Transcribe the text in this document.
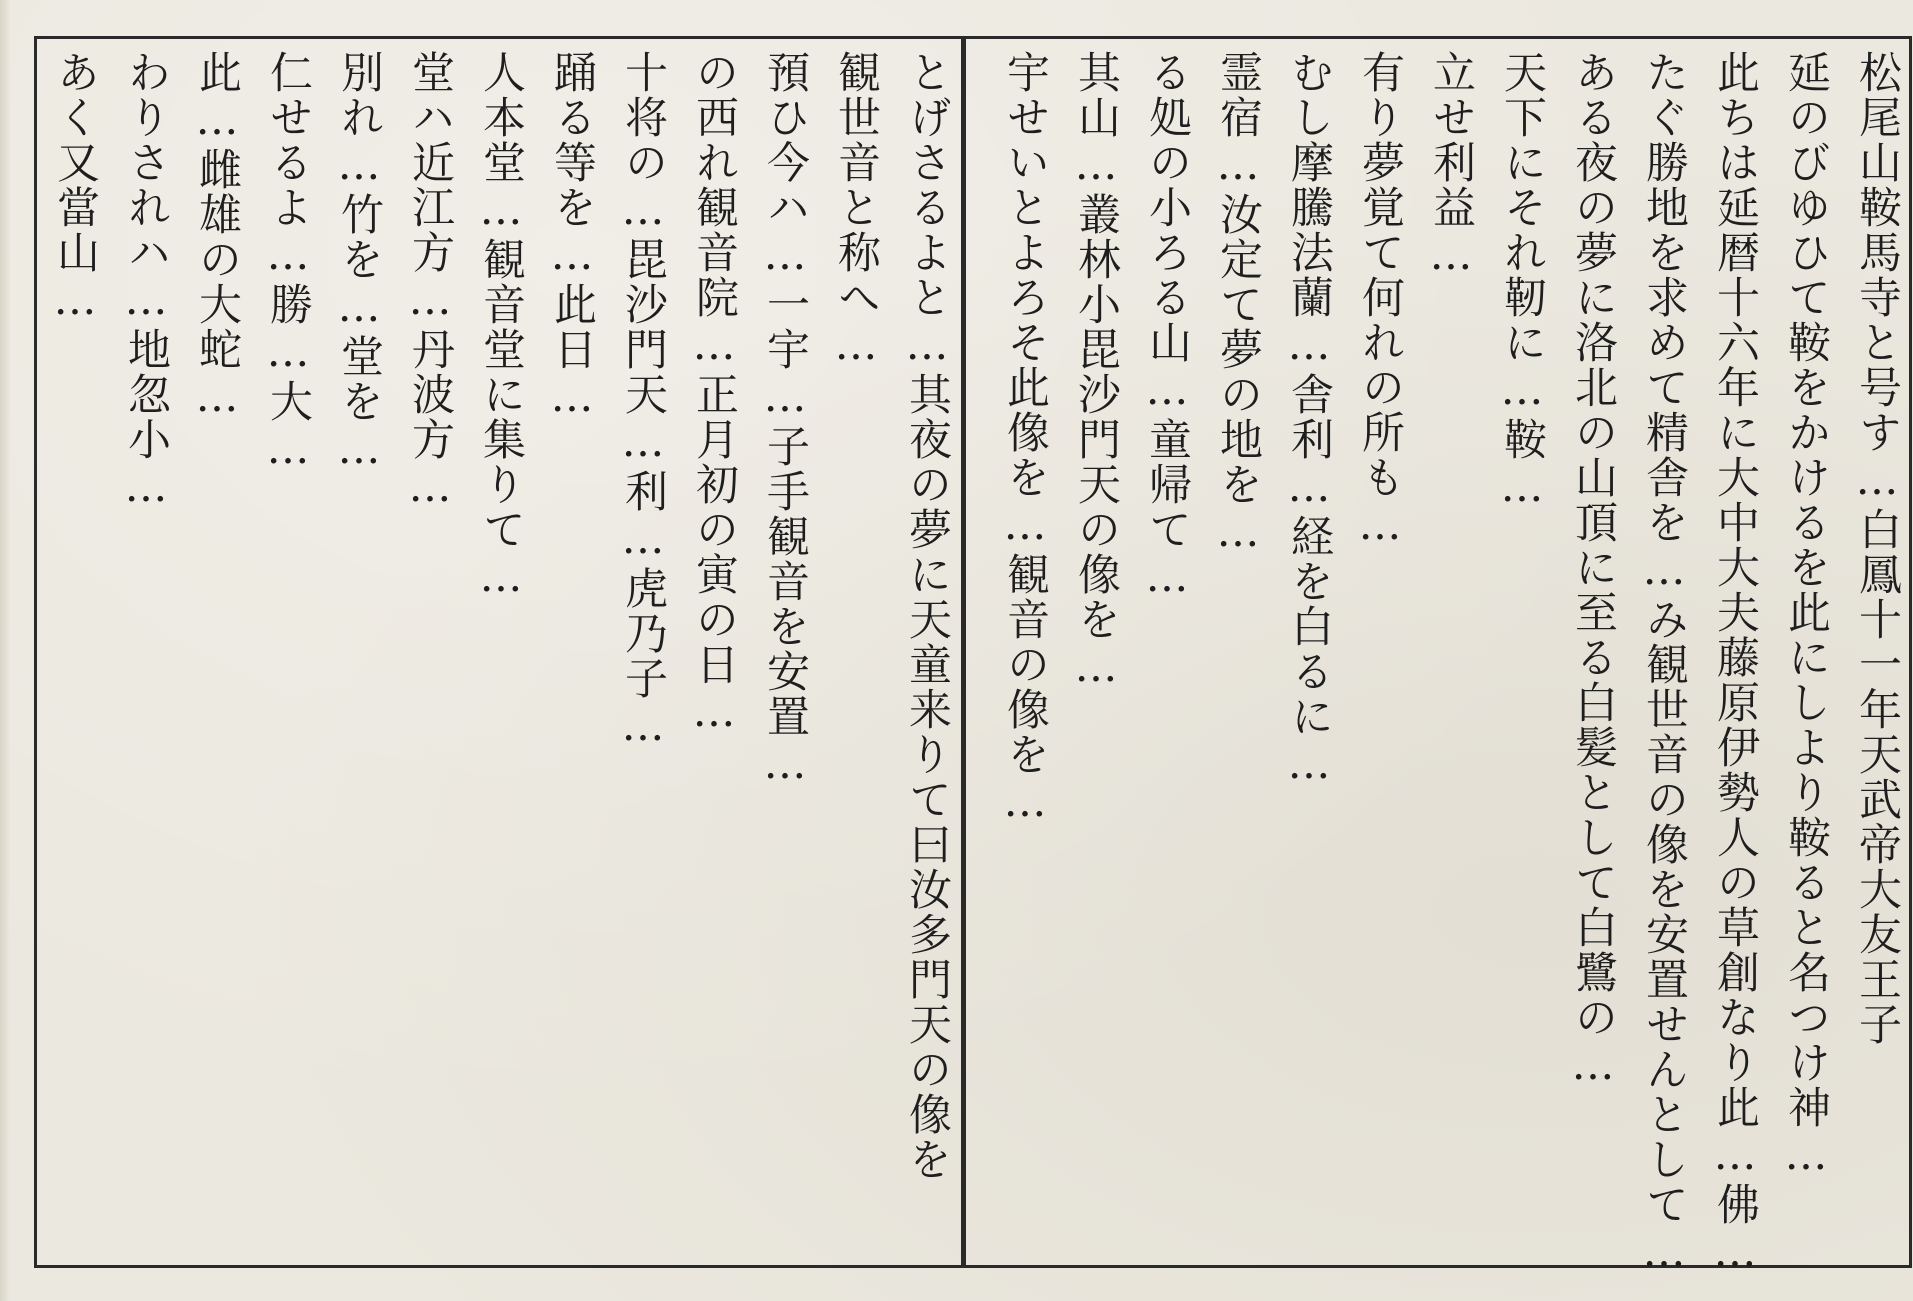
松尾山鞍馬寺と号す…白鳳十一年天武帝大友王子
延のびゆひて鞍をかけるを此にしより鞍ると名つけ神…
此ちは延暦十六年に大中大夫藤原伊勢人の草創なり此…佛…
たぐ勝地を求めて精舎を…み観世音の像を安置せんとして…
ある夜の夢に洛北の山頂に至る白髪として白鷺の…
天下にそれ靭に…鞍…
立せ利益…
有り夢覚て何れの所も…
むし摩騰法蘭…舎利…経を白るに…
霊宿…汝定て夢の地を…
る処の小ろる山…童帰て…
其山…叢林小毘沙門天の像を…
宇せいとよろそ此像を…観音の像を…
とげさるよと…其夜の夢に天童来りて曰汝多門天の像を
観世音と称へ…
預ひ今ハ…一宇…子手観音を安置…
の西れ観音院…正月初の寅の日…
十将の…毘沙門天…利…虎乃子…
踊る等を…此日…
人本堂…観音堂に集りて…
堂ハ近江方…丹波方…
別れ…竹を…堂を…
仁せるよ…勝…大…
此…雌雄の大蛇…
わりされハ…地忽小…
あく又當山…
